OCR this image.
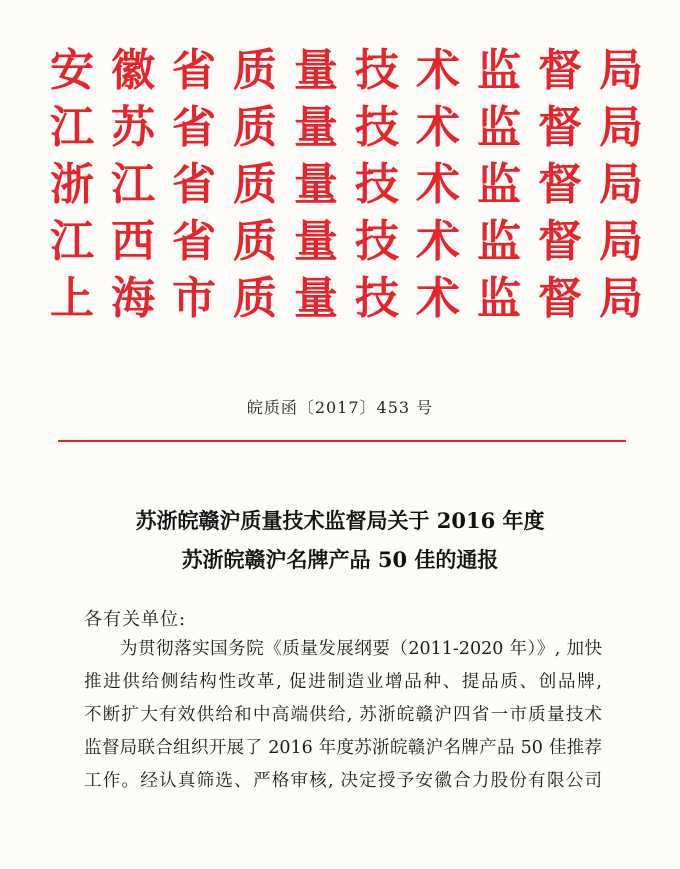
安徽省质量技术监督局
江苏省质量技术监督局
浙江省质量技术监督局
江西省质量技术监督局
上海市质量技术监督局
皖质函〔2017〕453 号
苏浙皖赣沪质量技术监督局关于 2016 年度
苏浙皖赣沪名牌产品 50 佳的通报
各有关单位:
为贯彻落实国务院《质量发展纲要（2011-2020 年）》, 加快
推进供给侧结构性改革, 促进制造业增品种、提品质、创品牌,
不断扩大有效供给和中高端供给, 苏浙皖赣沪四省一市质量技术
监督局联合组织开展了 2016 年度苏浙皖赣沪名牌产品 50 佳推荐
工作。经认真筛选、严格审核, 决定授予安徽合力股份有限公司
